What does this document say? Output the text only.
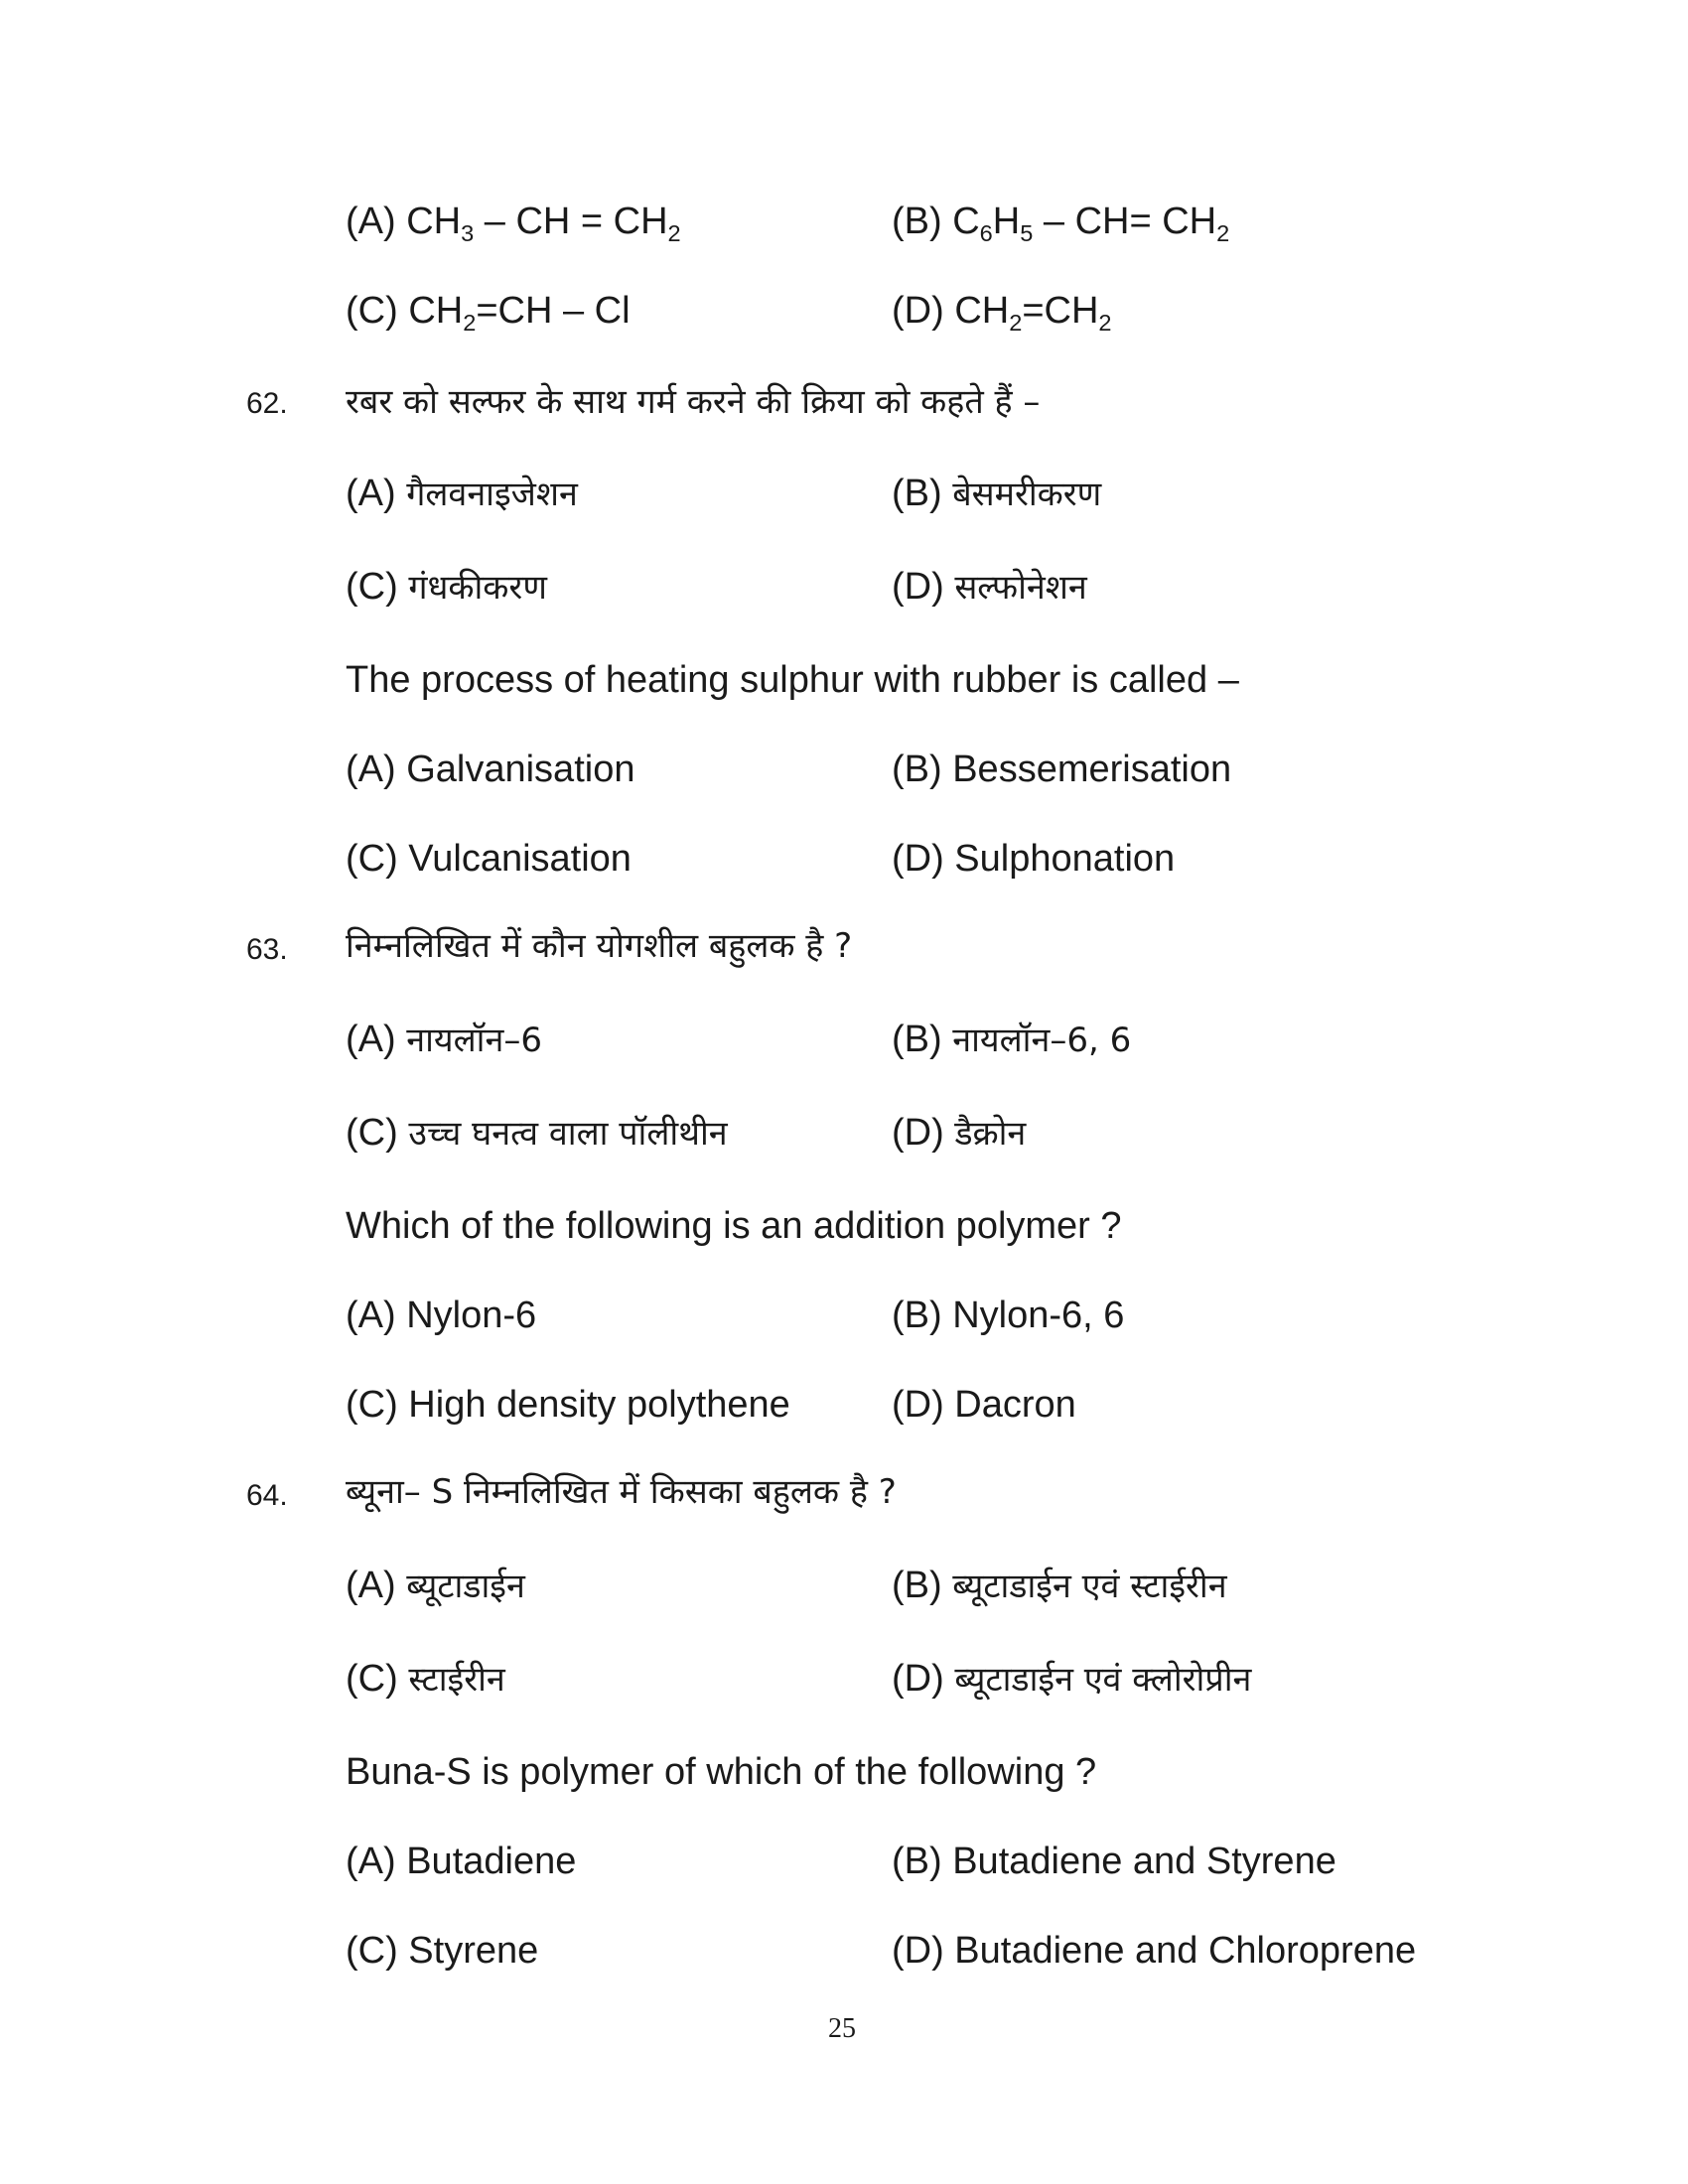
(A) $CH_3$ – CH = $CH_2$	(B) $C_6H_5 - CH= CH_2$
(C) $CH_2=CH - Cl$	(D) $CH_2=CH_2$
62. रबर को सल्फर के साथ गर्म करने की क्रिया को कहते हैं –
(A) गैलवनाइजेशन	(B) बेसमरीकरण
(C) गंधकीकरण	(D) सल्फोनेशन
The process of heating sulphur with rubber is called –
(A) Galvanisation	(B) Bessemerisation
(C) Vulcanisation	(D) Sulphonation
63. निम्नलिखित में कौन योगशील बहुलक है ?
(A) नायलॉन–6	(B) नायलॉन–6, 6
(C) उच्च घनत्व वाला पॉलीथीन	(D) डैक्रोन
Which of the following is an addition polymer ?
(A) Nylon-6	(B) Nylon-6, 6
(C) High density polythene	(D) Dacron
64. ब्यूना– S निम्नलिखित में किसका बहुलक है ?
(A) ब्यूटाडाईन	(B) ब्यूटाडाईन एवं स्टाईरीन
(C) स्टाईरीन	(D) ब्यूटाडाईन एवं क्लोरोप्रीन
Buna-S is polymer of which of the following ?
(A) Butadiene	(B) Butadiene and Styrene
(C) Styrene	(D) Butadiene and Chloroprene
25
